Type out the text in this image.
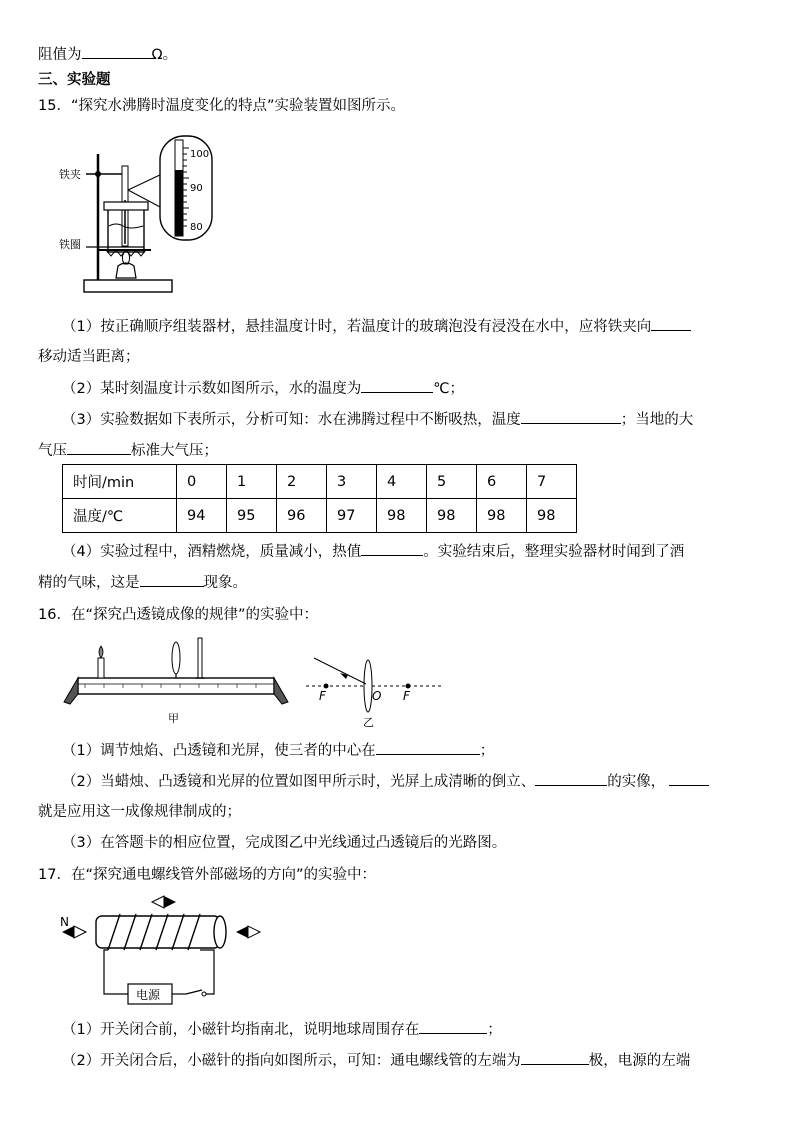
阻值为	Ω。
三、实验题
15．“探究水沸腾时温度变化的特点”实验装置如图所示。
铁夹
铁圈
100
90
80
（1）按正确顺序组装器材，悬挂温度计时，若温度计的玻璃泡没有浸没在水中，应将铁夹向
移动适当距离；
（2）某时刻温度计示数如图所示，水的温度为	℃；
（3）实验数据如下表所示，分析可知：水在沸腾过程中不断吸热，温度	；当地的大
气压	标准大气压；
时间/min	0	1	2	3	4	5	6	7
温度/℃	94	95	96	97	98	98	98	98
（4）实验过程中，酒精燃烧，质量减小，热值	。实验结束后，整理实验器材时闻到了酒
精的气味，这是	现象。
16．在“探究凸透镜成像的规律”的实验中：
甲
F	O F
乙
（1）调节烛焰、凸透镜和光屏，使三者的中心在	；
（2）当蜡烛、凸透镜和光屏的位置如图甲所示时，光屏上成清晰的倒立、	的实像，
就是应用这一成像规律制成的；
（3）在答题卡的相应位置，完成图乙中光线通过凸透镜后的光路图。
17．在“探究通电螺线管外部磁场的方向”的实验中：
N
电源
（1）开关闭合前，小磁针均指南北，说明地球周围存在	；
（2）开关闭合后，小磁针的指向如图所示，可知：通电螺线管的左端为	极，电源的左端
